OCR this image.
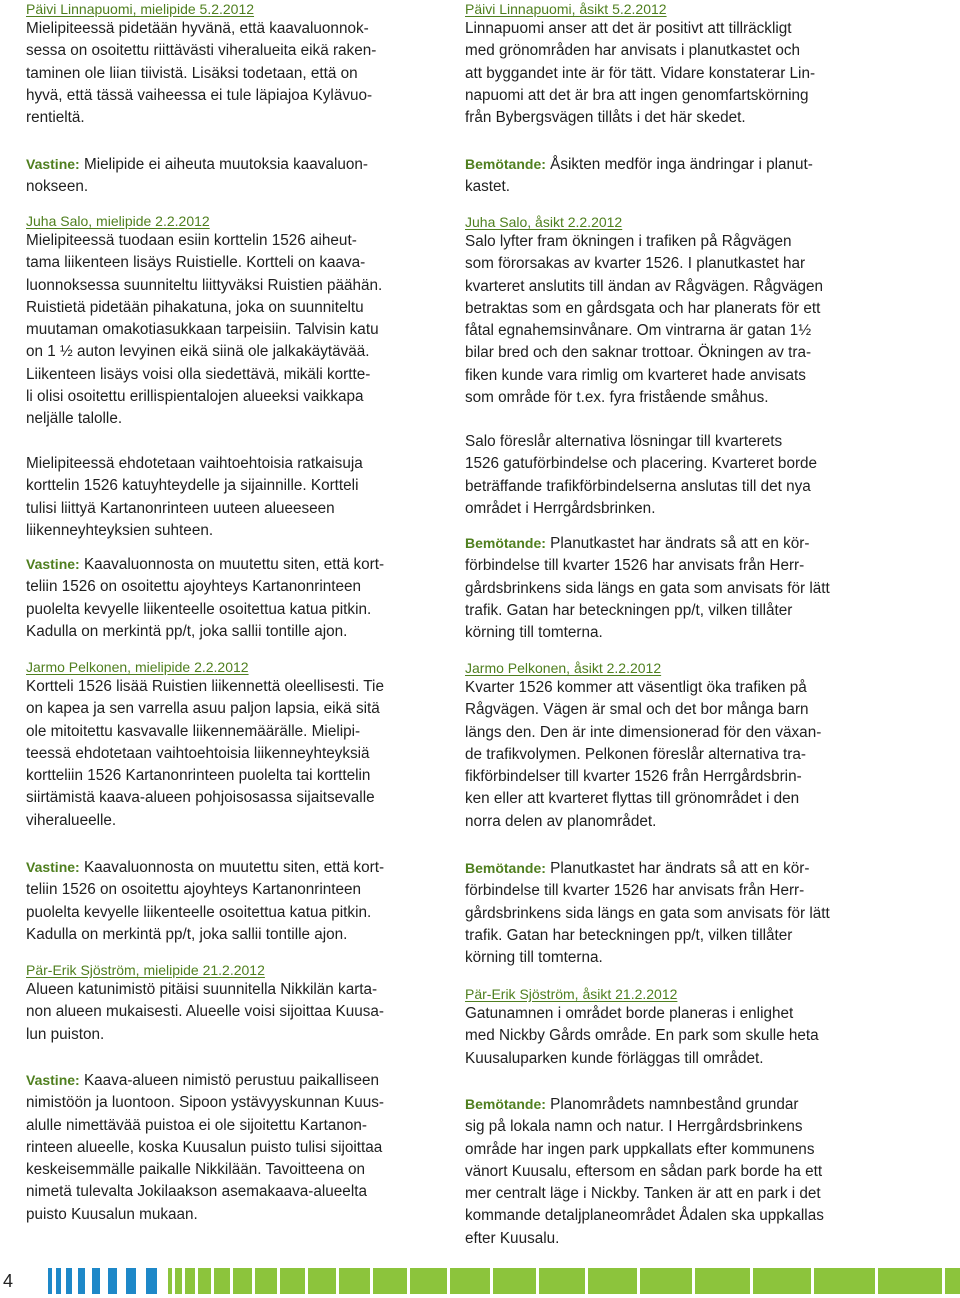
Päivi Linnapuomi, mielipide 5.2.2012
Mielipiteessä pidetään hyvänä, että kaavaluonnok-
sessa on osoitettu riittävästi viheralueita eikä raken-
taminen ole liian tiivistä. Lisäksi todetaan, että on
hyvä, että tässä vaiheessa ei tule läpiajoa Kylävuo-
rentieltä.
Vastine: Mielipide ei aiheuta muutoksia kaavaluon-
nokseen.
Juha Salo, mielipide 2.2.2012
Mielipiteessä tuodaan esiin korttelin 1526 aiheut-
tama liikenteen lisäys Ruistielle. Kortteli on kaava-
luonnoksessa suunniteltu liittyväksi Ruistien päähän.
Ruistietä pidetään pihakatuna, joka on suunniteltu
muutaman omakotiasukkaan tarpeisiin. Talvisin katu
on 1 ½ auton levyinen eikä siinä ole jalkakäytävää.
Liikenteen lisäys voisi olla siedettävä, mikäli kortte-
li olisi osoitettu erillispientalojen alueeksi vaikkapa
neljälle talolle.
Mielipiteessä ehdotetaan vaihtoehtoisia ratkaisuja
korttelin 1526 katuyhteydelle ja sijainnille. Kortteli
tulisi liittyä Kartanonrinteen uuteen alueeseen
liikenneyhteyksien suhteen.
Vastine: Kaavaluonnosta on muutettu siten, että kort-
teliin 1526 on osoitettu ajoyhteys Kartanonrinteen
puolelta kevyelle liikenteelle osoitettua katua pitkin.
Kadulla on merkintä pp/t, joka sallii tontille ajon.
Jarmo Pelkonen, mielipide 2.2.2012
Kortteli 1526 lisää Ruistien liikennettä oleellisesti. Tie
on kapea ja sen varrella asuu paljon lapsia, eikä sitä
ole mitoitettu kasvavalle liikennemäärälle. Mielipi-
teessä ehdotetaan vaihtoehtoisia liikenneyhteyksiä
kortteliin 1526 Kartanonrinteen puolelta tai korttelin
siirtämistä kaava-alueen pohjoisosassa sijaitsevalle
viheralueelle.
Vastine: Kaavaluonnosta on muutettu siten, että kort-
teliin 1526 on osoitettu ajoyhteys Kartanonrinteen
puolelta kevyelle liikenteelle osoitettua katua pitkin.
Kadulla on merkintä pp/t, joka sallii tontille ajon.
Pär-Erik Sjöström, mielipide 21.2.2012
Alueen katunimistö pitäisi suunnitella Nikkilän karta-
non alueen mukaisesti. Alueelle voisi sijoittaa Kuusa-
lun puiston.
Vastine: Kaava-alueen nimistö perustuu paikalliseen
nimistöön ja luontoon. Sipoon ystävyyskunnan Kuus-
alulle nimettävää puistoa ei ole sijoitettu Kartanon-
rinteen alueelle, koska Kuusalun puisto tulisi sijoittaa
keskeisemmälle paikalle Nikkilään. Tavoitteena on
nimetä tulevalta Jokilaakson asemakaava-alueelta
puisto Kuusalun mukaan.
Päivi Linnapuomi, åsikt 5.2.2012
Linnapuomi anser att det är positivt att tillräckligt
med grönområden har anvisats i planutkastet och
att byggandet inte är för tätt. Vidare konstaterar Lin-
napuomi att det är bra att ingen genomfartskörning
från Bybergsvägen tillåts i det här skedet.
Bemötande: Åsikten medför inga ändringar i planut-
kastet.
Juha Salo, åsikt 2.2.2012
Salo lyfter fram ökningen i trafiken på Rågvägen
som förorsakas av kvarter 1526. I planutkastet har
kvarteret anslutits till ändan av Rågvägen. Rågvägen
betraktas som en gårdsgata och har planerats för ett
fåtal egnahemsinvånare. Om vintrarna är gatan 1½
bilar bred och den saknar trottoar. Ökningen av tra-
fiken kunde vara rimlig om kvarteret hade anvisats
som område för t.ex. fyra fristående småhus.
Salo föreslår alternativa lösningar till kvarterets
1526 gatuförbindelse och placering. Kvarteret borde
beträffande trafikförbindelserna anslutas till det nya
området i Herrgårdsbrinken.
Bemötande: Planutkastet har ändrats så att en kör-
förbindelse till kvarter 1526 har anvisats från Herr-
gårdsbrinkens sida längs en gata som anvisats för lätt
trafik. Gatan har beteckningen pp/t, vilken tillåter
körning till tomterna.
Jarmo Pelkonen, åsikt 2.2.2012
Kvarter 1526 kommer att väsentligt öka trafiken på
Rågvägen. Vägen är smal och det bor många barn
längs den. Den är inte dimensionerad för den växan-
de trafikvolymen. Pelkonen föreslår alternativa tra-
fikförbindelser till kvarter 1526 från Herrgårdsbrin-
ken eller att kvarteret flyttas till grönområdet i den
norra delen av planområdet.
Bemötande: Planutkastet har ändrats så att en kör-
förbindelse till kvarter 1526 har anvisats från Herr-
gårdsbrinkens sida längs en gata som anvisats för lätt
trafik. Gatan har beteckningen pp/t, vilken tillåter
körning till tomterna.
Pär-Erik Sjöström, åsikt 21.2.2012
Gatunamnen i området borde planeras i enlighet
med Nickby Gårds område. En park som skulle heta
Kuusaluparken kunde förläggas till området.
Bemötande: Planområdets namnbestånd grundar
sig på lokala namn och natur. I Herrgårdsbrinkens
område har ingen park uppkallats efter kommunens
vänort Kuusalu, eftersom en sådan park borde ha ett
mer centralt läge i Nickby. Tanken är att en park i det
kommande detaljplaneområdet Ådalen ska uppkallas
efter Kuusalu.
4
